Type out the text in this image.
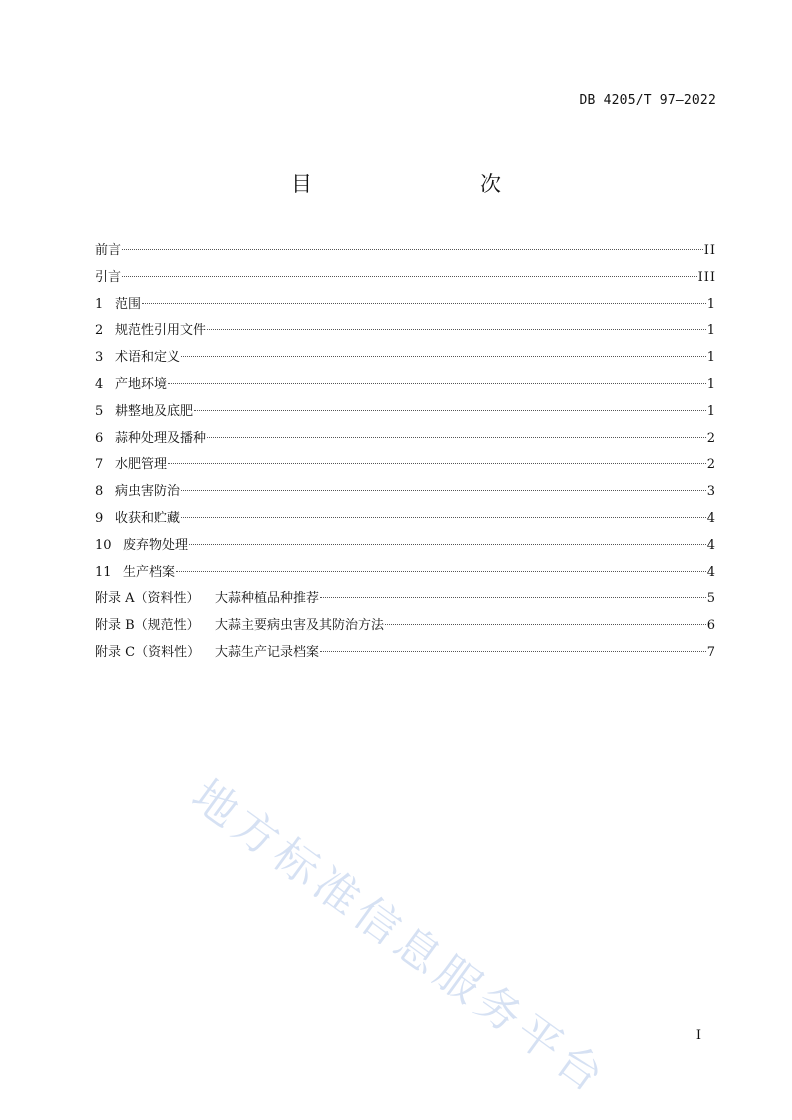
DB 4205/T 97—2022
目　　次
前言	II
引言	III
1 范围	1
2 规范性引用文件	1
3 术语和定义	1
4 产地环境	1
5 耕整地及底肥	1
6 蒜种处理及播种	2
7 水肥管理	2
8 病虫害防治	3
9 收获和贮藏	4
10 废弃物处理	4
11 生产档案	4
附录 A（资料性）	大蒜种植品种推荐	5
附录 B（规范性）	大蒜主要病虫害及其防治方法	6
附录 C（资料性）	大蒜生产记录档案	7
地方标准信息服务平台	I
